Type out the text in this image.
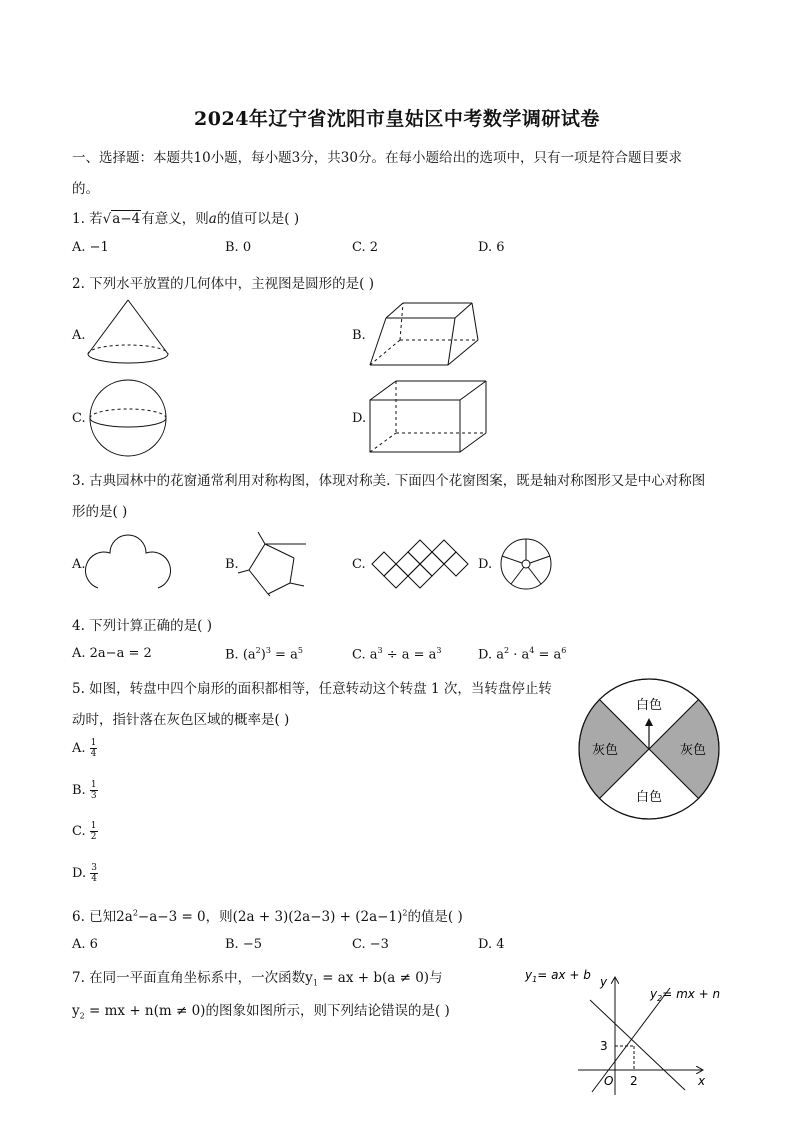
2024年辽宁省沈阳市皇姑区中考数学调研试卷
一、选择题：本题共10小题，每小题3分，共30分。在每小题给出的选项中，只有一项是符合题目要求
的。
1. 若√a−4有意义，则a的值可以是( )
A. −1	B. 0	C. 2	D. 6
2. 下列水平放置的几何体中，主视图是圆形的是( )
A.	B.
C.	D.
3. 古典园林中的花窗通常利用对称构图，体现对称美. 下面四个花窗图案，既是轴对称图形又是中心对称图
形的是( )
A.	B.	C.	D.
4. 下列计算正确的是( )
A. 2a−a = 2	B. $(a^2)^3 = a^5$	C. $a^3 \div a = a^3$	D. $a^2 \cdot a^4 = a^6$
5. 如图，转盘中四个扇形的面积都相等，任意转动这个转盘 1 次，当转盘停止转
动时，指针落在灰色区域的概率是( )
A. $\frac{1}{4}$
B. $\frac{1}{3}$
C. $\frac{1}{2}$
D. $\frac{3}{4}$
白色
白色
灰色	灰色
6. 已知$2a^2-a-3 = 0$，则$(2a + 3)(2a-3) + (2a-1)^2$的值是( )
A. 6	B. −5	C. −3	D. 4
7. 在同一平面直角坐标系中，一次函数$y_1$ = ax + b(a ≠ 0)与
$y_2$ = mx + n(m ≠ 0)的图象如图所示，则下列结论错误的是( )
$y_1=$ ax + b
$y_2=$ mx + n
y
x
O 2
3
